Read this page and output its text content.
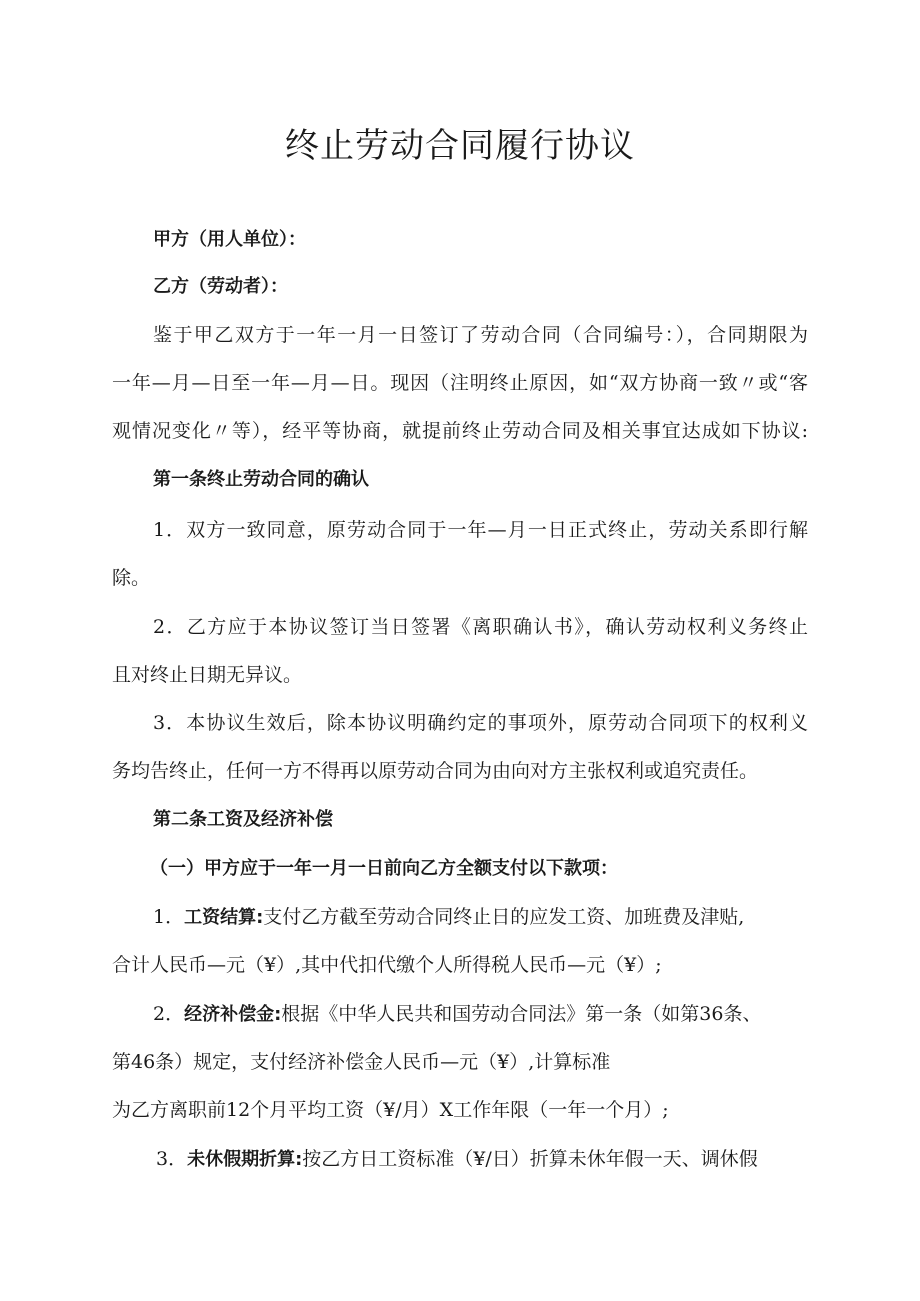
终止劳动合同履行协议
甲方（用人单位）：
乙方（劳动者）：
鉴于甲乙双方于一年一月一日签订了劳动合同（合同编号：），合同期限为
一年—月—日至一年—月—日。现因（注明终止原因，如“双方协商一致〃或“客
观情况变化〃等），经平等协商，就提前终止劳动合同及相关事宜达成如下协议:
第一条终止劳动合同的确认
1．双方一致同意，原劳动合同于一年—月一日正式终止，劳动关系即行解
除。
2．乙方应于本协议签订当日签署《离职确认书》，确认劳动权利义务终止
且对终止日期无异议。
3．本协议生效后，除本协议明确约定的事项外，原劳动合同项下的权利义
务均告终止，任何一方不得再以原劳动合同为由向对方主张权利或追究责任。
第二条工资及经济补偿
（一）甲方应于一年一月一日前向乙方全额支付以下款项：
1．工资结算:支付乙方截至劳动合同终止日的应发工资、加班费及津贴,
合计人民币—元（¥）,其中代扣代缴个人所得税人民币—元（¥）;
2．经济补偿金:根据《中华人民共和国劳动合同法》第一条（如第36条、
第46条）规定，支付经济补偿金人民币—元（¥）,计算标准
为乙方离职前12个月平均工资（¥/月）X工作年限（一年一个月）;
3．未休假期折算:按乙方日工资标准（¥/日）折算未休年假一天、调休假
